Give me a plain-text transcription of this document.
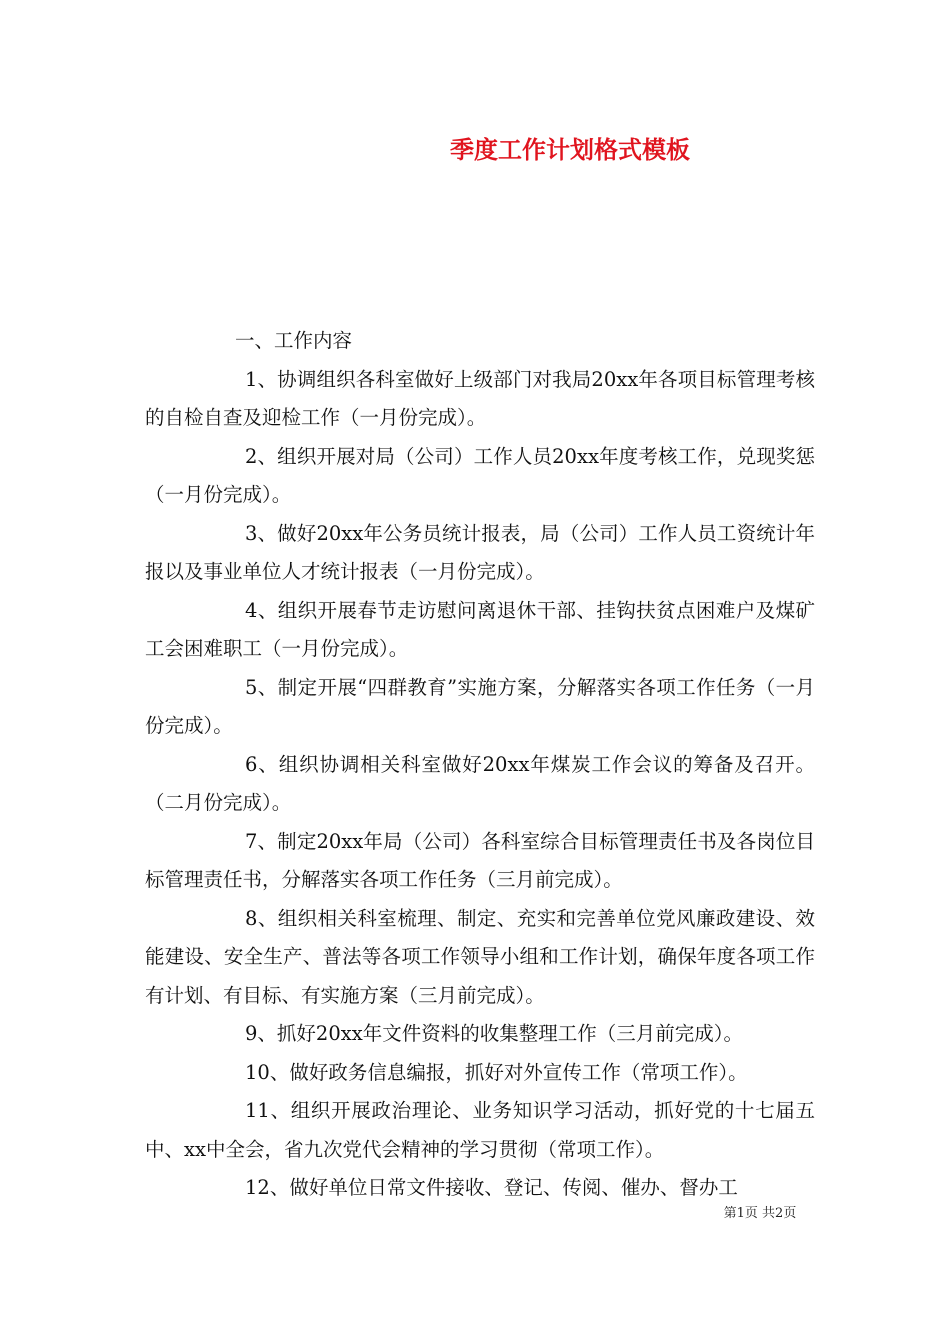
季度工作计划格式模板

一、工作内容

1、协调组织各科室做好上级部门对我局20xx年各项目标管理考核的自检自查及迎检工作（一月份完成）。

2、组织开展对局（公司）工作人员20xx年度考核工作，兑现奖惩（一月份完成）。

3、做好20xx年公务员统计报表，局（公司）工作人员工资统计年报以及事业单位人才统计报表（一月份完成）。

4、组织开展春节走访慰问离退休干部、挂钩扶贫点困难户及煤矿工会困难职工（一月份完成）。

5、制定开展“四群教育”实施方案，分解落实各项工作任务（一月份完成）。

6、组织协调相关科室做好20xx年煤炭工作会议的筹备及召开。（二月份完成）。

7、制定20xx年局（公司）各科室综合目标管理责任书及各岗位目标管理责任书，分解落实各项工作任务（三月前完成）。

8、组织相关科室梳理、制定、充实和完善单位党风廉政建设、效能建设、安全生产、普法等各项工作领导小组和工作计划，确保年度各项工作有计划、有目标、有实施方案（三月前完成）。

9、抓好20xx年文件资料的收集整理工作（三月前完成）。

10、做好政务信息编报，抓好对外宣传工作（常项工作）。

11、组织开展政治理论、业务知识学习活动，抓好党的十七届五中、xx中全会，省九次党代会精神的学习贯彻（常项工作）。

12、做好单位日常文件接收、登记、传阅、催办、督办工

第1页 共2页
